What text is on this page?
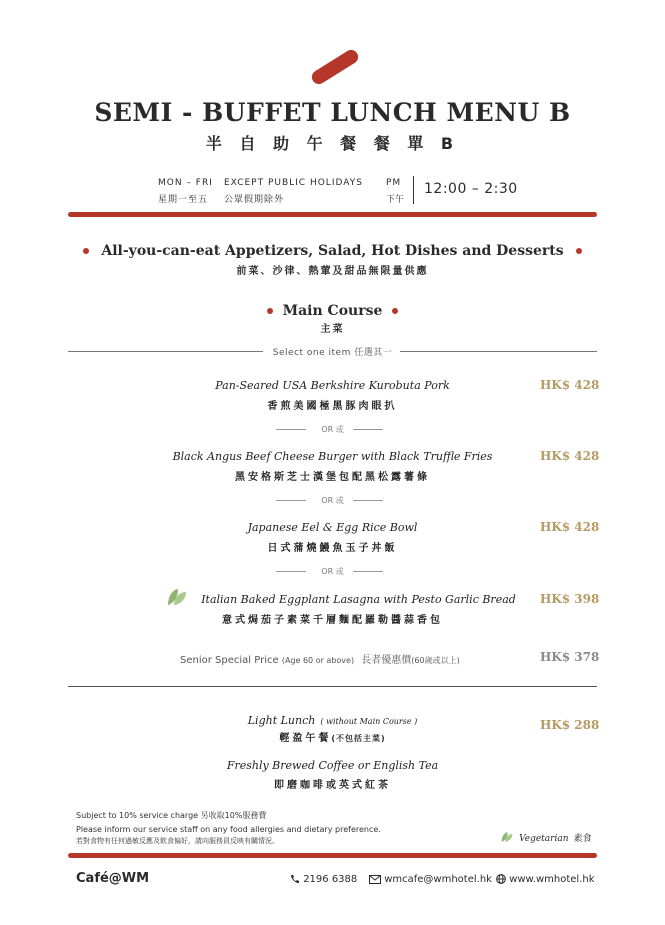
SEMI - BUFFET LUNCH MENU B
半 自 助 午 餐 餐 單 B
MON – FRI
星期一至五
EXCEPT PUBLIC HOLIDAYS
公眾假期除外
PM
下午
12:00 – 2:30
All-you-can-eat Appetizers, Salad, Hot Dishes and Desserts
前菜、沙律、熱葷及甜品無限量供應
Main Course
主菜
Select one item 任選其一
Pan-Seared USA Berkshire Kurobuta Pork
香煎美國極黑豚肉眼扒
HK$ 428
OR 或
Black Angus Beef Cheese Burger with Black Truffle Fries
黑安格斯芝士漢堡包配黑松露薯條
HK$ 428
OR 或
Japanese Eel & Egg Rice Bowl
日式蒲燒鰻魚玉子丼飯
HK$ 428
OR 或
Italian Baked Eggplant Lasagna with Pesto Garlic Bread
意式焗茄子素菜千層麵配羅勒醬蒜香包
HK$ 398
Senior Special Price (Age 60 or above) 長者優惠價(60歲或以上)	HK$ 378
Light Lunch ( without Main Course )
輕盈午餐(不包括主菜)
HK$ 288
Freshly Brewed Coffee or English Tea
即磨咖啡或英式紅茶
Subject to 10% service charge 另收取10%服務費
Please inform our service staff on any food allergies and dietary preference.
若對食物有任何過敏反應及飲食偏好，請向服務員反映有關情況。	Vegetarian 素食
Café@WM	2196 6388	wmcafe@wmhotel.hk	www.wmhotel.hk
